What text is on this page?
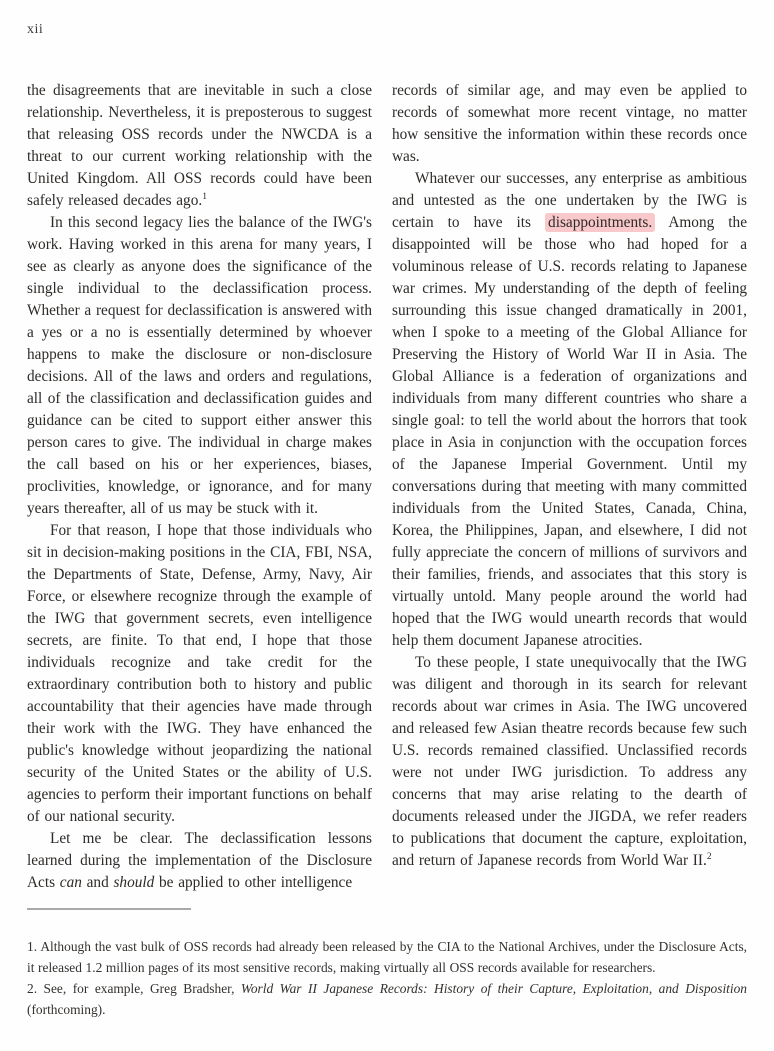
xii

the disagreements that are inevitable in such a close relationship. Nevertheless, it is preposterous to suggest that releasing OSS records under the NWCDA is a threat to our current working relationship with the United Kingdom. All OSS records could have been safely released decades ago.$^1$

In this second legacy lies the balance of the IWG's work. Having worked in this arena for many years, I see as clearly as anyone does the significance of the single individual to the declassification process. Whether a request for declassification is answered with a yes or a no is essentially determined by whoever happens to make the disclosure or non-disclosure decisions. All of the laws and orders and regulations, all of the classification and declassification guides and guidance can be cited to support either answer this person cares to give. The individual in charge makes the call based on his or her experiences, biases, proclivities, knowledge, or ignorance, and for many years thereafter, all of us may be stuck with it.

For that reason, I hope that those individuals who sit in decision-making positions in the CIA, FBI, NSA, the Departments of State, Defense, Army, Navy, Air Force, or elsewhere recognize through the example of the IWG that government secrets, even intelligence secrets, are finite. To that end, I hope that those individuals recognize and take credit for the extraordinary contribution both to history and public accountability that their agencies have made through their work with the IWG. They have enhanced the public's knowledge without jeopardizing the national security of the United States or the ability of U.S. agencies to perform their important functions on behalf of our national security.

Let me be clear. The declassification lessons learned during the implementation of the Disclosure Acts can and should be applied to other intelligence

records of similar age, and may even be applied to records of somewhat more recent vintage, no matter how sensitive the information within these records once was.

Whatever our successes, any enterprise as ambitious and untested as the one undertaken by the IWG is certain to have its disappointments. Among the disappointed will be those who had hoped for a voluminous release of U.S. records relating to Japanese war crimes. My understanding of the depth of feeling surrounding this issue changed dramatically in 2001, when I spoke to a meeting of the Global Alliance for Preserving the History of World War II in Asia. The Global Alliance is a federation of organizations and individuals from many different countries who share a single goal: to tell the world about the horrors that took place in Asia in conjunction with the occupation forces of the Japanese Imperial Government. Until my conversations during that meeting with many committed individuals from the United States, Canada, China, Korea, the Philippines, Japan, and elsewhere, I did not fully appreciate the concern of millions of survivors and their families, friends, and associates that this story is virtually untold. Many people around the world had hoped that the IWG would unearth records that would help them document Japanese atrocities.

To these people, I state unequivocally that the IWG was diligent and thorough in its search for relevant records about war crimes in Asia. The IWG uncovered and released few Asian theatre records because few such U.S. records remained classified. Unclassified records were not under IWG jurisdiction. To address any concerns that may arise relating to the dearth of documents released under the JIGDA, we refer readers to publications that document the capture, exploitation, and return of Japanese records from World War II.$^2$

1. Although the vast bulk of OSS records had already been released by the CIA to the National Archives, under the Disclosure Acts, it released 1.2 million pages of its most sensitive records, making virtually all OSS records available for researchers.

2. See, for example, Greg Bradsher, World War II Japanese Records: History of their Capture, Exploitation, and Disposition (forthcoming).
